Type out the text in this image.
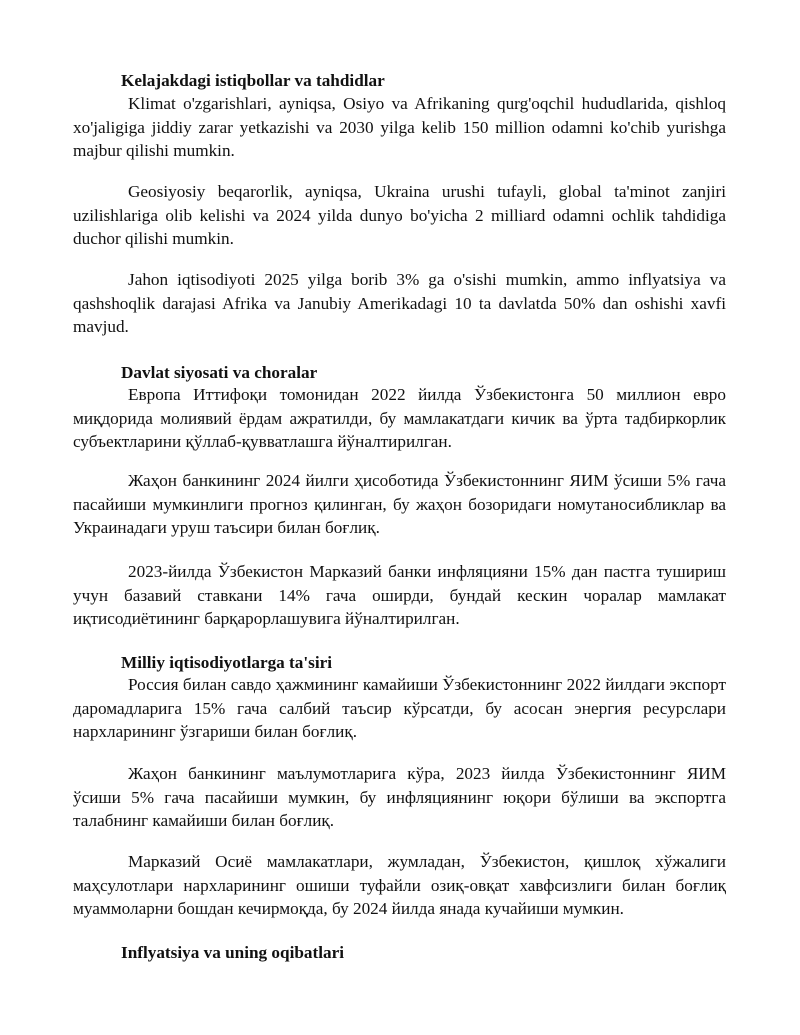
Kelajakdagi istiqbollar va tahdidlar

Klimat o'zgarishlari, ayniqsa, Osiyo va Afrikaning qurg'oqchil hududlarida, qishloq xo'jaligiga jiddiy zarar yetkazishi va 2030 yilga kelib 150 million odamni ko'chib yurishga majbur qilishi mumkin.

Geosiyosiy beqarorlik, ayniqsa, Ukraina urushi tufayli, global ta'minot zanjiri uzilishlariga olib kelishi va 2024 yilda dunyo bo'yicha 2 milliard odamni ochlik tahdidiga duchor qilishi mumkin.

Jahon iqtisodiyoti 2025 yilga borib 3% ga o'sishi mumkin, ammo inflyatsiya va qashshoqlik darajasi Afrika va Janubiy Amerikadagi 10 ta davlatda 50% dan oshishi xavfi mavjud.

Davlat siyosati va choralar

Европа Иттифоқи томонидан 2022 йилда Ўзбекистонга 50 миллион евро миқдорида молиявий ёрдам ажратилди, бу мамлакатдаги кичик ва ўрта тадбиркорлик субъектларини қўллаб-қувватлашга йўналтирилган.

Жаҳон банкининг 2024 йилги ҳисоботида Ўзбекистоннинг ЯИМ ўсиши 5% гача пасайиши мумкинлиги прогноз қилинган, бу жаҳон бозоридаги номутаносибликлар ва Украинадаги уруш таъсири билан боғлиқ.

2023-йилда Ўзбекистон Марказий банки инфляцияни 15% дан пастга тушириш учун базавий ставкани 14% гача оширди, бундай кескин чоралар мамлакат иқтисодиётининг барқарорлашувига йўналтирилган.

Milliy iqtisodiyotlarga ta'siri

Россия билан савдо ҳажмининг камайиши Ўзбекистоннинг 2022 йилдаги экспорт даромадларига 15% гача салбий таъсир кўрсатди, бу асосан энергия ресурслари нархларининг ўзгариши билан боғлиқ.

Жаҳон банкининг маълумотларига кўра, 2023 йилда Ўзбекистоннинг ЯИМ ўсиши 5% гача пасайиши мумкин, бу инфляциянинг юқори бўлиши ва экспортга талабнинг камайиши билан боғлиқ.

Марказий Осиё мамлакатлари, жумладан, Ўзбекистон, қишлоқ хўжалиги маҳсулотлари нархларининг ошиши туфайли озиқ-овқат хавфсизлиги билан боғлиқ муаммоларни бошдан кечирмоқда, бу 2024 йилда янада кучайиши мумкин.

Inflyatsiya va uning oqibatlari
